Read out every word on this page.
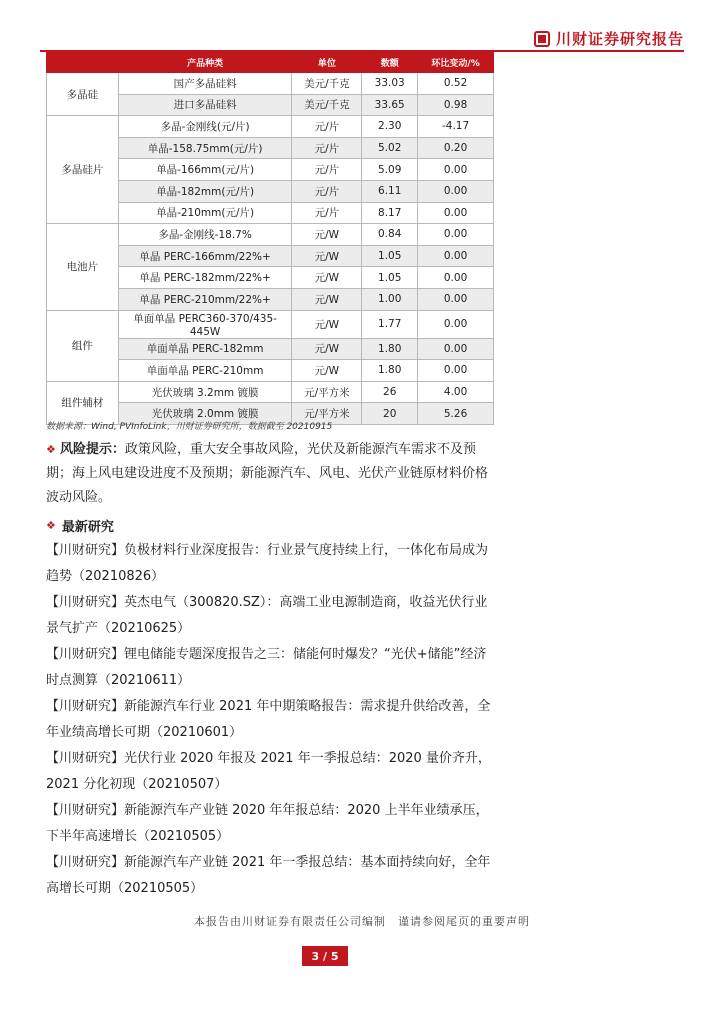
川财证券研究报告
	产品种类	单位	数额	环比变动/%
多晶硅	国产多晶硅料	美元/千克	33.03	0.52
	进口多晶硅料	美元/千克	33.65	0.98
多晶硅片	多晶-金刚线(元/片)	元/片	2.30	-4.17
	单晶-158.75mm(元/片)	元/片	5.02	0.20
	单晶-166mm(元/片)	元/片	5.09	0.00
	单晶-182mm(元/片)	元/片	6.11	0.00
	单晶-210mm(元/片)	元/片	8.17	0.00
电池片	多晶-金刚线-18.7%	元/W	0.84	0.00
	单晶 PERC-166mm/22%+	元/W	1.05	0.00
	单晶 PERC-182mm/22%+	元/W	1.05	0.00
	单晶 PERC-210mm/22%+	元/W	1.00	0.00
组件	单面单晶 PERC360-370/435-445W	元/W	1.77	0.00
	单面单晶 PERC-182mm	元/W	1.80	0.00
	单面单晶 PERC-210mm	元/W	1.80	0.00
组件辅材	光伏玻璃 3.2mm 镀膜	元/平方米	26	4.00
	光伏玻璃 2.0mm 镀膜	元/平方米	20	5.26
数据来源：Wind, PVInfoLink，川财证券研究所，数据截至 20210915
❖ 风险提示：政策风险，重大安全事故风险，光伏及新能源汽车需求不及预期；海上风电建设进度不及预期；新能源汽车、风电、光伏产业链原材料价格波动风险。
❖ 最新研究
【川财研究】负极材料行业深度报告：行业景气度持续上行，一体化布局成为趋势（20210826）
【川财研究】英杰电气（300820.SZ）：高端工业电源制造商，收益光伏行业景气扩产（20210625）
【川财研究】锂电储能专题深度报告之三：储能何时爆发？“光伏+储能”经济时点测算（20210611）
【川财研究】新能源汽车行业 2021 年中期策略报告：需求提升供给改善，全年业绩高增长可期（20210601）
【川财研究】光伏行业 2020 年报及 2021 年一季报总结：2020 量价齐升，2021 分化初现（20210507）
【川财研究】新能源汽车产业链 2020 年年报总结：2020 上半年业绩承压，下半年高速增长（20210505）
【川财研究】新能源汽车产业链 2021 年一季报总结：基本面持续向好，全年高增长可期（20210505）
本报告由川财证券有限责任公司编制　谨请参阅尾页的重要声明
3 / 5
